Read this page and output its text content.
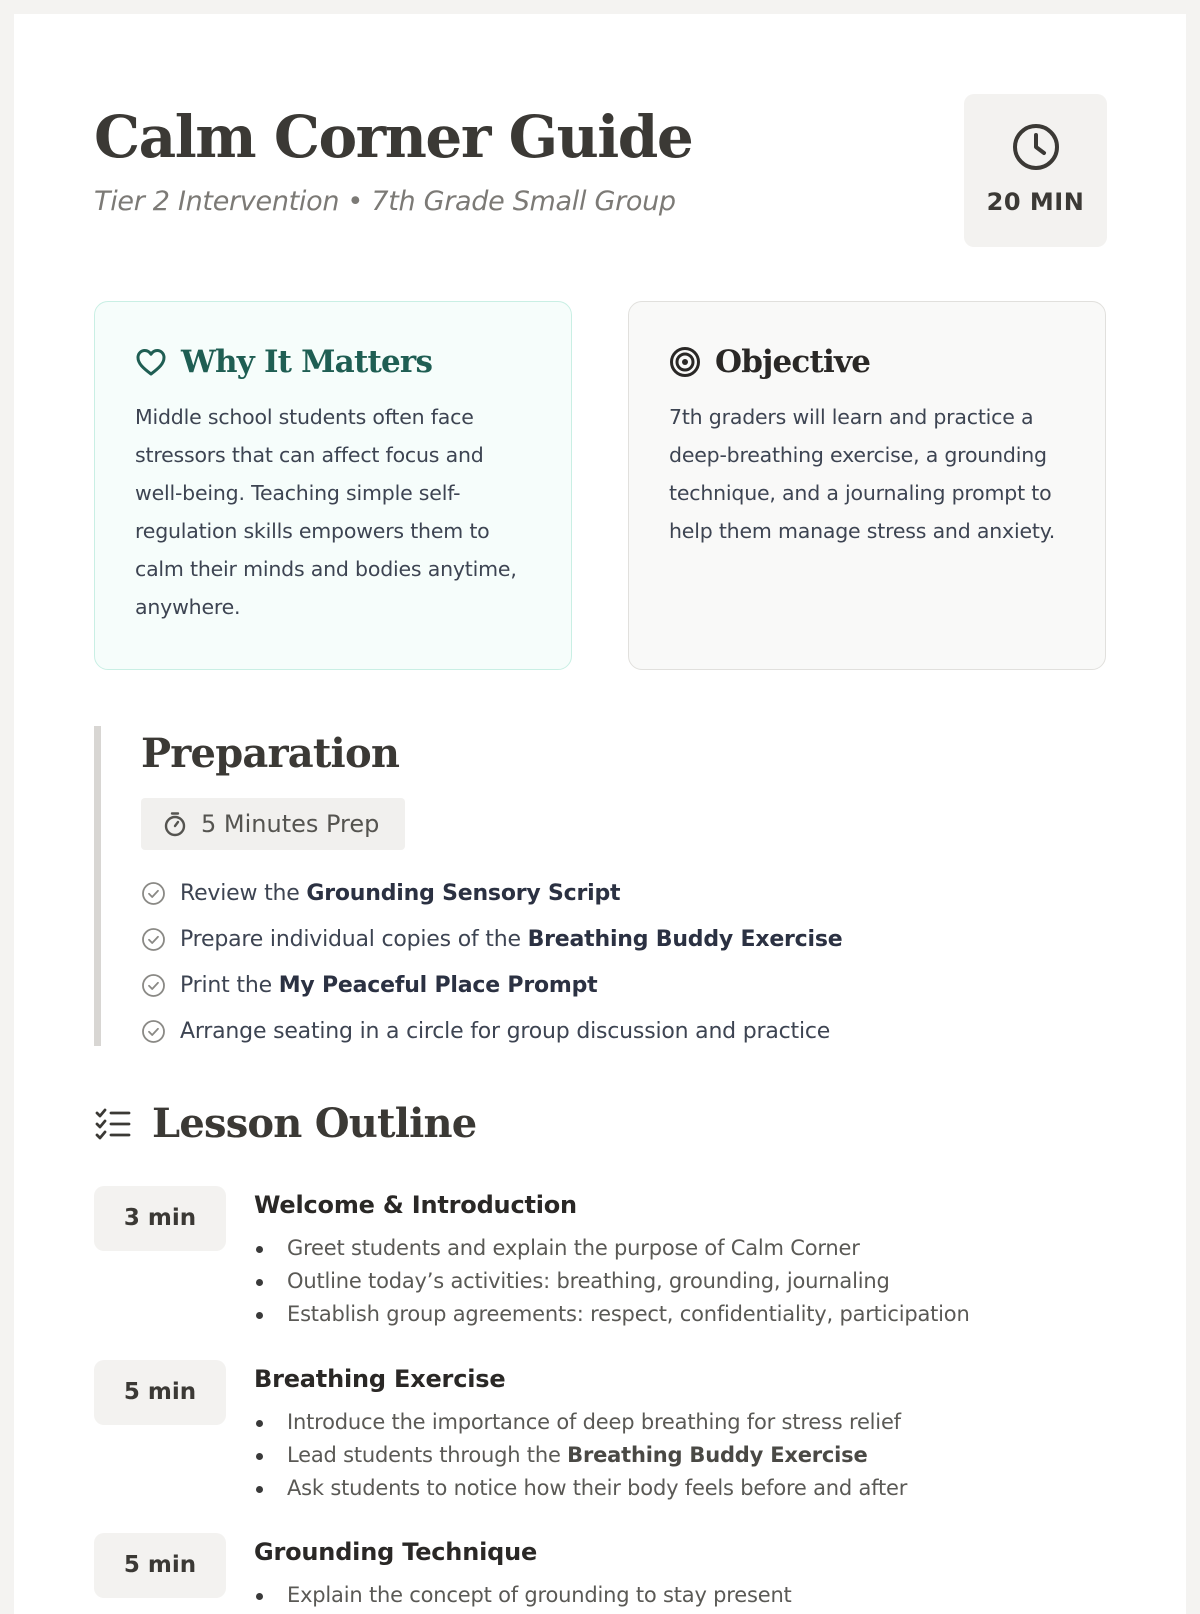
Calm Corner Guide
Tier 2 Intervention • 7th Grade Small Group	20 MIN
Why It Matters

Middle school students often face stressors that can affect focus and well-being. Teaching simple self-regulation skills empowers them to calm their minds and bodies anytime, anywhere.

Objective

7th graders will learn and practice a deep-breathing exercise, a grounding technique, and a journaling prompt to help them manage stress and anxiety.

Preparation
5 Minutes Prep
Review the Grounding Sensory Script
Prepare individual copies of the Breathing Buddy Exercise
Print the My Peaceful Place Prompt
Arrange seating in a circle for group discussion and practice
Lesson Outline
3 min	Welcome & Introduction
Greet students and explain the purpose of Calm Corner
Outline today’s activities: breathing, grounding, journaling
Establish group agreements: respect, confidentiality, participation
5 min	Breathing Exercise
Introduce the importance of deep breathing for stress relief
Lead students through the Breathing Buddy Exercise
Ask students to notice how their body feels before and after
5 min	Grounding Technique
Explain the concept of grounding to stay present
